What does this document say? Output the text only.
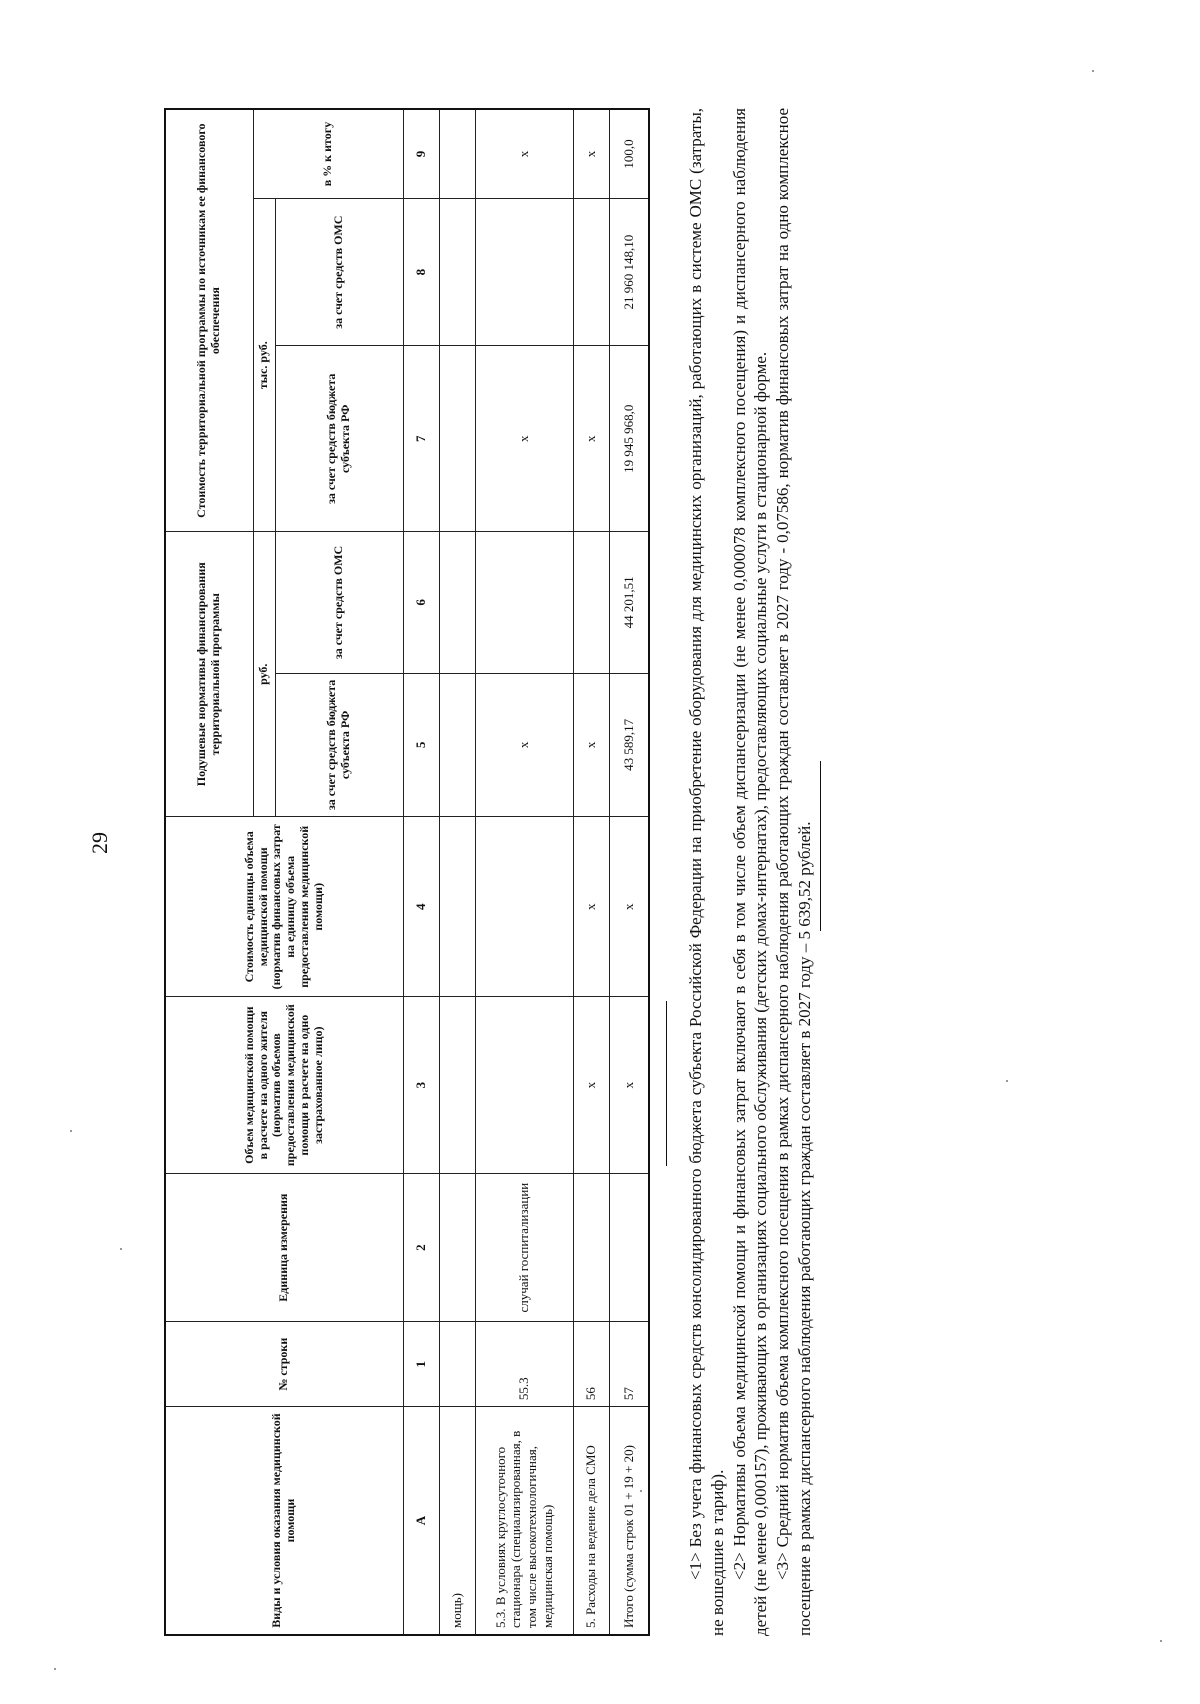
29
Виды и условия оказания медицинской помощи	№ строки	Единица измерения	Объем медицинской помощи в расчете на одного жителя (норматив объемов предоставления медицинской помощи в расчете на одно застрахованное лицо)	Стоимость единицы объема медицинской помощи (норматив финансовых затрат на единицу объема предоставления медицинской помощи)	Подушевые нормативы финансирования территориальной программы		Стоимость территориальной программы по источникам ее финансового обеспечения		
					руб.		тыс. руб.		в % к итогу
					за счет средств бюджета субъекта РФ	за счет средств ОМС	за счет средств бюджета субъекта РФ	за счет средств ОМС	
А	1	2	3	4	5	6	7	8	9
мощь)									
5.3. В условиях круглосуточного стационара (специализированная, в том числе высокотехнологичная, медицинская помощь)	55.3	случай госпитализации			х		х		х
5. Расходы на ведение дела СМО	56		х	х	х		х		х
Итого (сумма строк 01 + 19 + 20)	57		х	х	43 589,17	44 201,51	19 945 968,0	21 960 148,10	100,0	<1> Без учета финансовых средств консолидированного бюджета субъекта Российской Федерации на приобретение оборудования для медицинских организаций, работающих в системе ОМС (затраты, не вошедшие в тариф). <2> Нормативы объема медицинской помощи и финансовых затрат включают в себя в том числе объем диспансеризации (не менее 0,000078 комплексного посещения) и диспансерного наблюдения детей (не менее 0,000157), проживающих в организациях социального обслуживания (детских домах-интернатах), предоставляющих социальные услуги в стационарной форме. <3> Средний норматив объема комплексного посещения в рамках диспансерного наблюдения работающих граждан составляет в 2027 году - 0,07586, норматив финансовых затрат на одно комплексное посещение в рамках диспансерного наблюдения работающих граждан составляет в 2027 году – 5 639,52 рублей.
